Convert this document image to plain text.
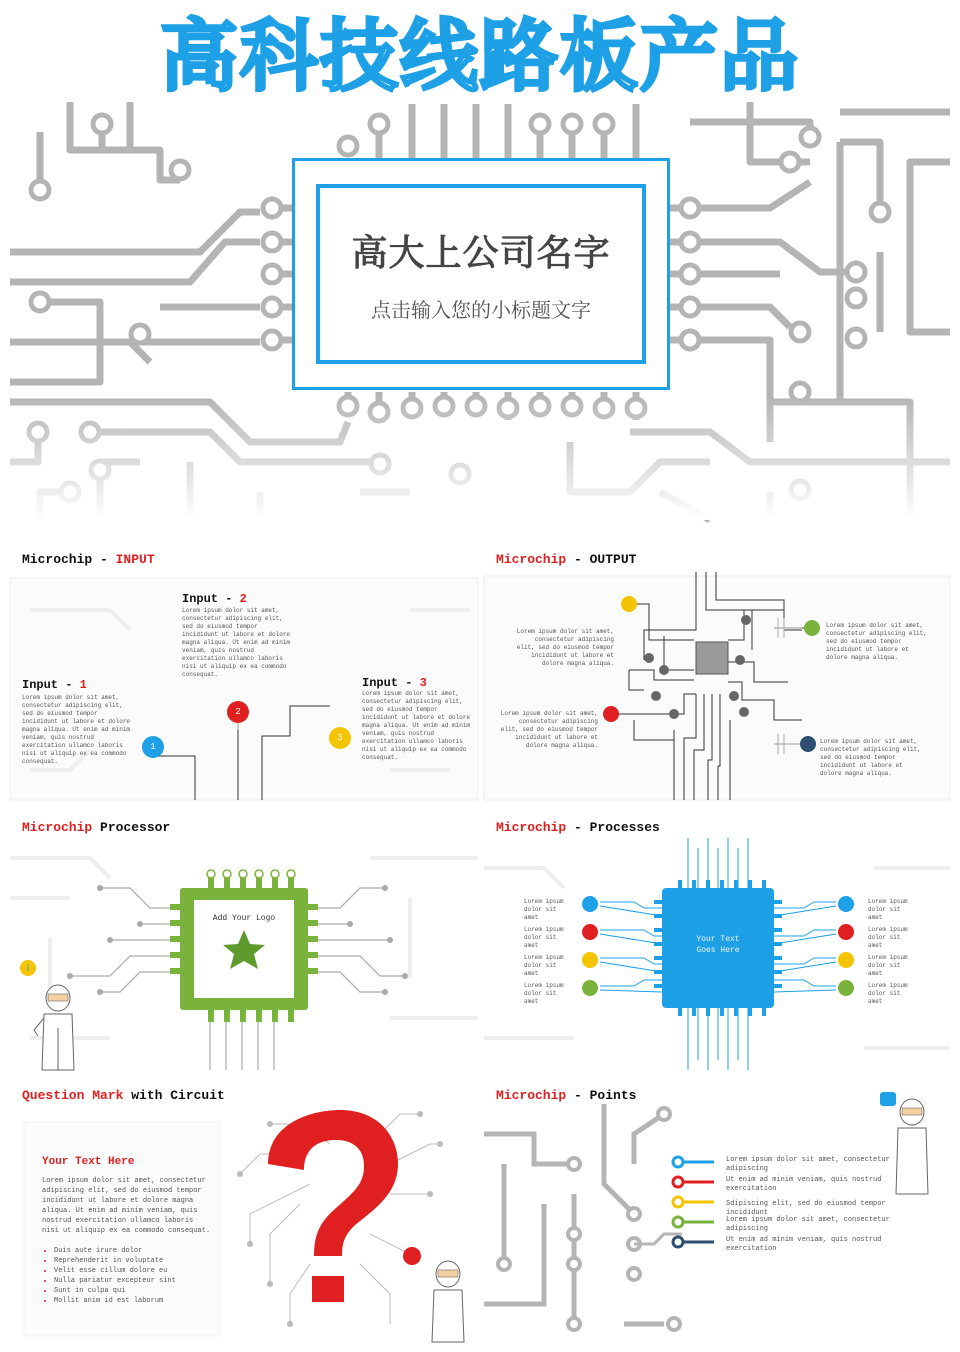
高科技线路板产品
高大上公司名字
点击输入您的小标题文字
Microchip - INPUT
1
2
3
Input - 1
Lorem ipsum dolor sit amet, consectetur adipiscing elit, sed do eiusmod tempor incididunt ut labore et dolore magna aliqua. Ut enim ad minim veniam, quis nostrud exercitation ullamco laboris nisi ut aliquip ex ea commodo consequat.
Input - 2
Lorem ipsum dolor sit amet, consectetur adipiscing elit, sed do eiusmod tempor incididunt ut labore et dolore magna aliqua. Ut enim ad minim veniam, quis nostrud exercitation ullamco laboris nisi ut aliquip ex ea commodo consequat.
Input - 3
Lorem ipsum dolor sit amet, consectetur adipiscing elit, sed do eiusmod tempor incididunt ut labore et dolore magna aliqua. Ut enim ad minim veniam, quis nostrud exercitation ullamco laboris nisi ut aliquip ex ea commodo consequat.
Microchip - OUTPUT
Lorem ipsum dolor sit amet, consectetur adipiscing elit, sed do eiusmod tempor incididunt ut labore et dolore magna aliqua.
Lorem ipsum dolor sit amet, consectetur adipiscing elit, sed do eiusmod tempor incididunt ut labore et dolore magna aliqua.
Lorem ipsum dolor sit amet, consectetur adipiscing elit, sed do eiusmod tempor incididunt ut labore et dolore magna aliqua.
Lorem ipsum dolor sit amet, consectetur adipiscing elit, sed do eiusmod tempor incididunt ut labore et dolore magna aliqua.
Microchip Processor
i
Add Your Logo
Microchip - Processes
Your Text
Goes Here
Lorem ipsum
dolor sit amet
Lorem ipsum
dolor sit amet
Lorem ipsum
dolor sit amet
Lorem ipsum
dolor sit amet
Lorem ipsum
dolor sit amet
Lorem ipsum
dolor sit amet
Lorem ipsum
dolor sit amet
Lorem ipsum
dolor sit amet
Question Mark with Circuit
Your Text Here
Lorem ipsum dolor sit amet, consectetur adipiscing elit, sed do eiusmod tempor incididunt ut labore et dolore magna aliqua. Ut enim ad minim veniam, quis nostrud exercitation ullamco laboris nisi ut aliquip ex ea commodo consequat.
• Duis aute irure dolor
• Reprehenderit in voluptate
• Velit esse cillum dolore eu
• Nulla pariatur excepteur sint
• Sunt in culpa qui
• Mollit anim id est laborum
Microchip - Points
Lorem ipsum dolor sit amet, consectetur adipiscing
Ut enim ad minim veniam, quis nostrud exercitation
Sdipiscing elit, sed do eiusmod tempor incididunt
Lorem ipsum dolor sit amet, consectetur adipiscing
Ut enim ad minim veniam, quis nostrud exercitation
